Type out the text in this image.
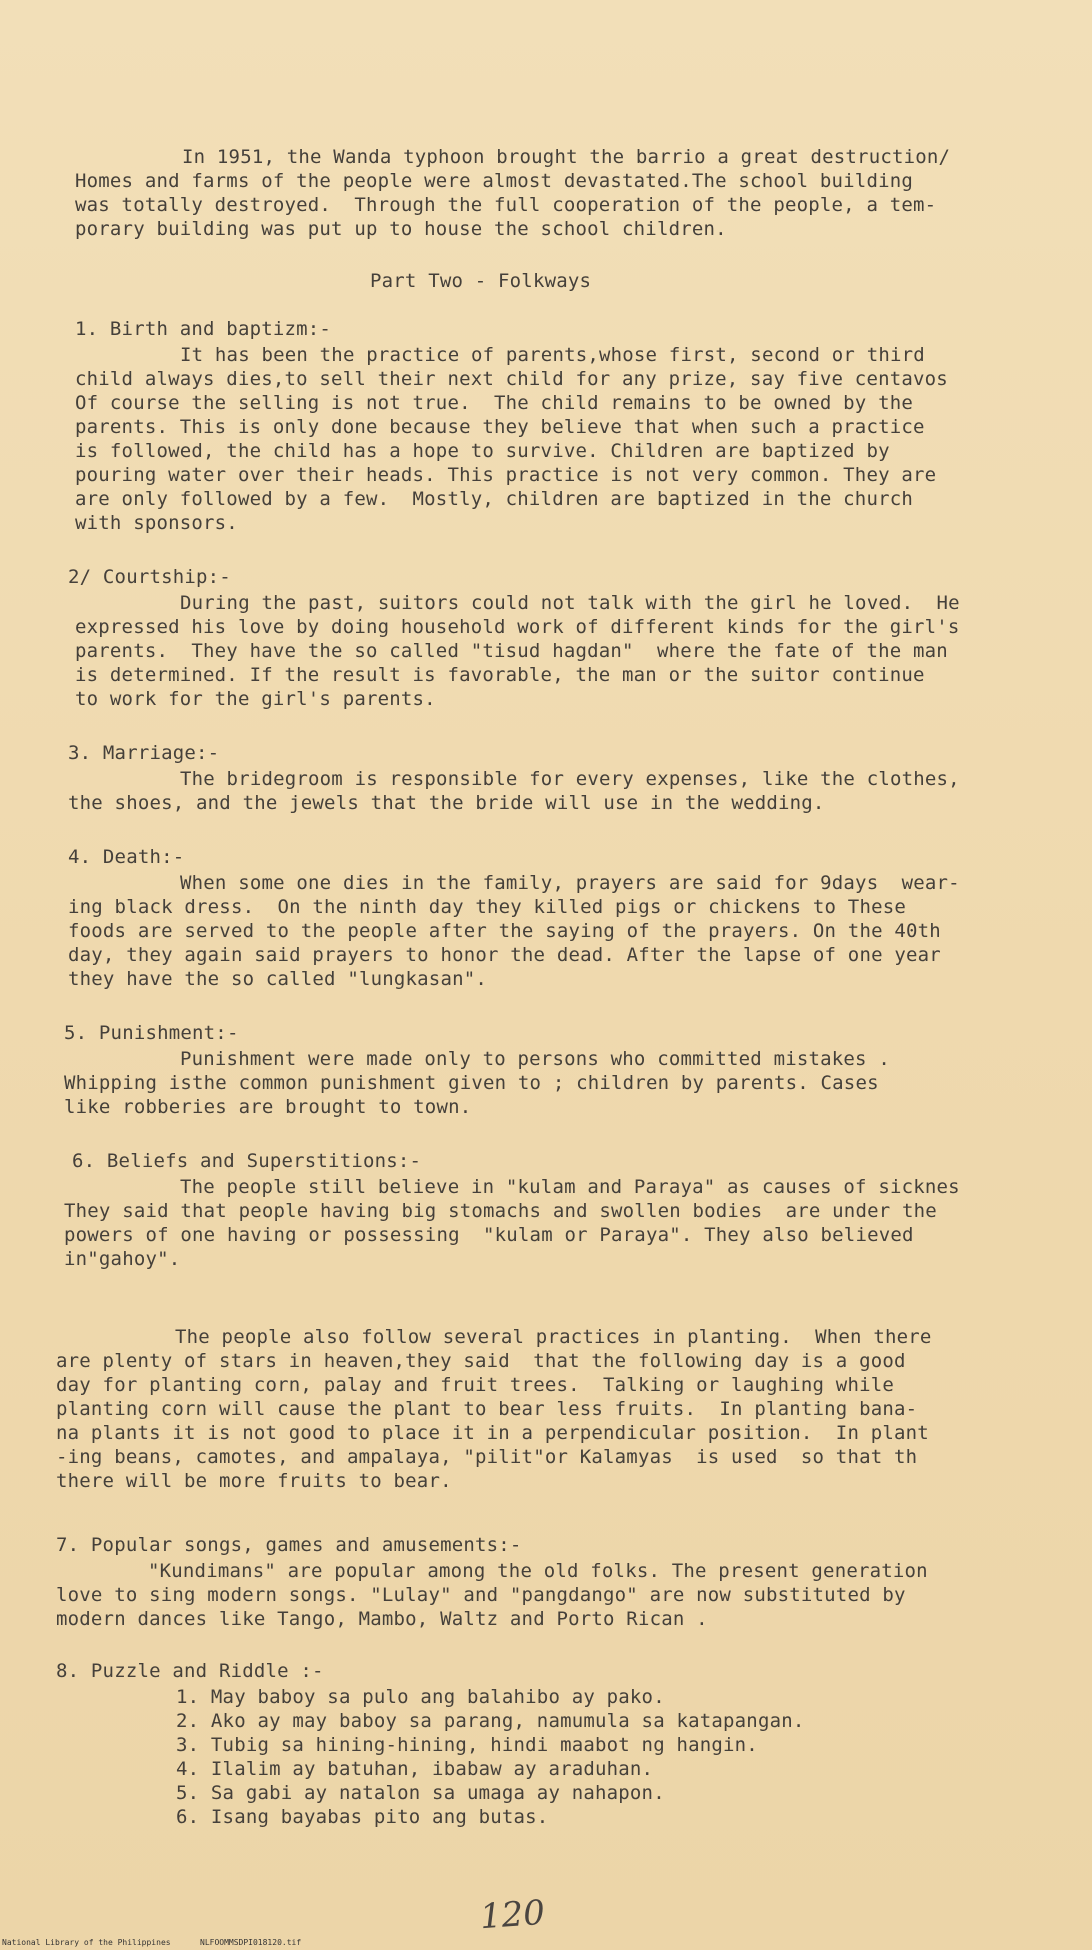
In 1951, the Wanda typhoon brought the barrio a great destruction/
Homes and farms of the people were almost devastated.The school building
was totally destroyed.  Through the full cooperation of the people, a tem-
porary building was put up to house the school children.
Part Two - Folkways
1. Birth and baptizm:-
It has been the practice of parents,whose first, second or third
child always dies,to sell their next child for any prize, say five centavos
Of course the selling is not true.  The child remains to be owned by the
parents. This is only done because they believe that when such a practice
is followed, the child has a hope to survive. Children are baptized by
pouring water over their heads. This practice is not very common. They are
are only followed by a few.  Mostly, children are baptized in the church
with sponsors.
2/ Courtship:-
During the past, suitors could not talk with the girl he loved.  He
expressed his love by doing household work of different kinds for the girl's
parents.  They have the so called "tisud hagdan"  where the fate of the man
is determined. If the result is favorable, the man or the suitor continue
to work for the girl's parents.
3. Marriage:-
The bridegroom is responsible for every expenses, like the clothes,
the shoes, and the jewels that the bride will use in the wedding.
4. Death:-
When some one dies in the family, prayers are said for 9days  wear-
ing black dress.  On the ninth day they killed pigs or chickens to These
foods are served to the people after the saying of the prayers. On the 40th
day, they again said prayers to honor the dead. After the lapse of one year
they have the so called "lungkasan".
5. Punishment:-
Punishment were made only to persons who committed mistakes .
Whipping isthe common punishment given to ; children by parents. Cases
like robberies are brought to town.
6. Beliefs and Superstitions:-
The people still believe in "kulam and Paraya" as causes of sicknes
They said that people having big stomachs and swollen bodies  are under the
powers of one having or possessing  "kulam or Paraya". They also believed
in"gahoy".
The people also follow several practices in planting.  When there
are plenty of stars in heaven,they said  that the following day is a good
day for planting corn, palay and fruit trees.  Talking or laughing while
planting corn will cause the plant to bear less fruits.  In planting bana-
na plants it is not good to place it in a perpendicular position.  In plant
-ing beans, camotes, and ampalaya, "pilit"or Kalamyas  is used  so that th
there will be more fruits to bear.
7. Popular songs, games and amusements:-
"Kundimans" are popular among the old folks. The present generation
love to sing modern songs. "Lulay" and "pangdango" are now substituted by
modern dances like Tango, Mambo, Waltz and Porto Rican .
8. Puzzle and Riddle :-
1. May baboy sa pulo ang balahibo ay pako.
2. Ako ay may baboy sa parang, namumula sa katapangan.
3. Tubig sa hining-hining, hindi maabot ng hangin.
4. Ilalim ay batuhan, ibabaw ay araduhan.
5. Sa gabi ay natalon sa umaga ay nahapon.
6. Isang bayabas pito ang butas.
120
National Library of the Philippines	NLFOOMMSDPI018120.tif
